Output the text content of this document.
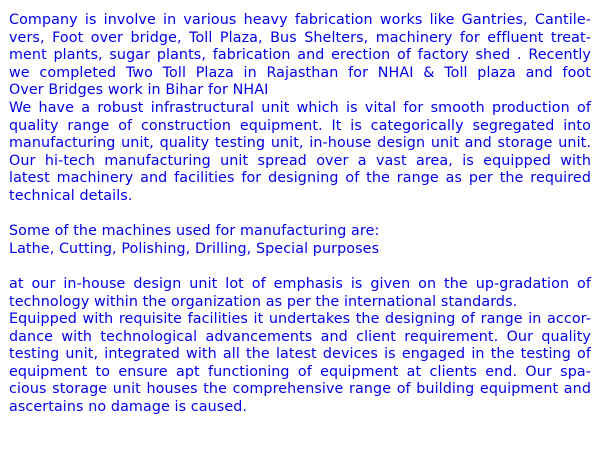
Company is involve in various heavy fabrication works like Gantries, Cantile-
vers, Foot over bridge, Toll Plaza, Bus Shelters, machinery for effluent treat-
ment plants, sugar plants, fabrication and erection of factory shed . Recently
we completed Two Toll Plaza in Rajasthan for NHAI & Toll plaza and foot
Over Bridges work in Bihar for NHAI
We have a robust infrastructural unit which is vital for smooth production of
quality range of construction equipment. It is categorically segregated into
manufacturing unit, quality testing unit, in-house design unit and storage unit.
Our hi-tech manufacturing unit spread over a vast area, is equipped with
latest machinery and facilities for designing of the range as per the required
technical details.
Some of the machines used for manufacturing are:
Lathe, Cutting, Polishing, Drilling, Special purposes
at our in-house design unit lot of emphasis is given on the up-gradation of
technology within the organization as per the international standards.
Equipped with requisite facilities it undertakes the designing of range in accor-
dance with technological advancements and client requirement. Our quality
testing unit, integrated with all the latest devices is engaged in the testing of
equipment to ensure apt functioning of equipment at clients end. Our spa-
cious storage unit houses the comprehensive range of building equipment and
ascertains no damage is caused.
